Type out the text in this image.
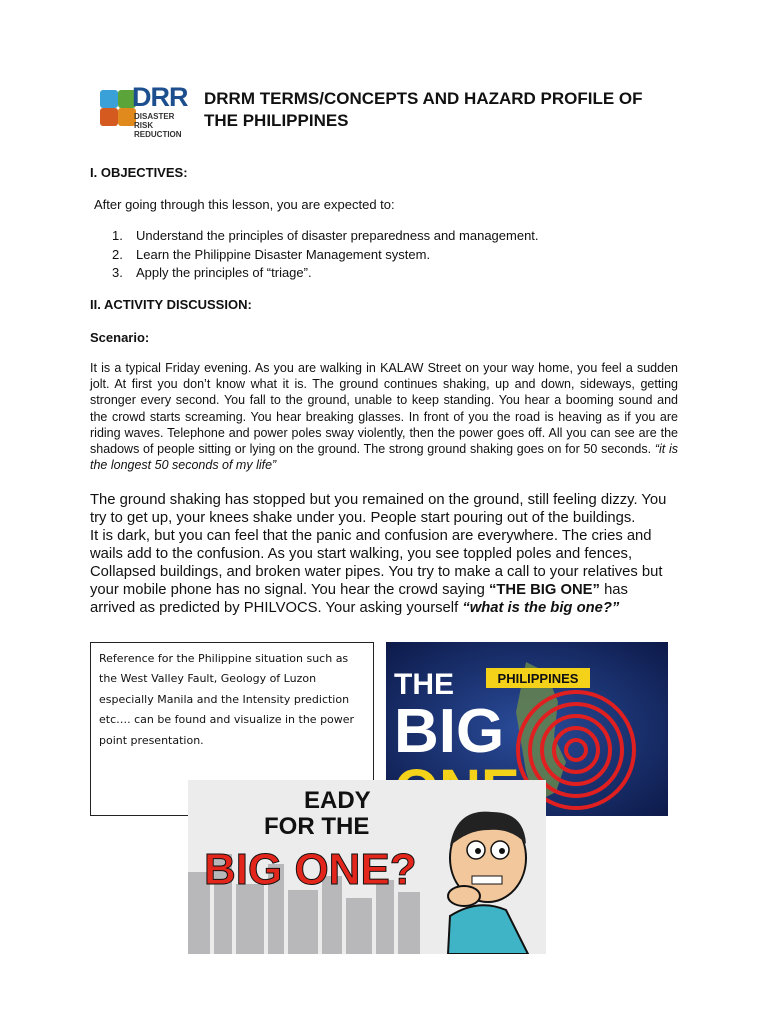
DRR
DISASTER
RISK
REDUCTION
DRRM TERMS/CONCEPTS AND HAZARD PROFILE OF
THE PHILIPPINES
I. OBJECTIVES:
After going through this lesson, you are expected to:
1. Understand the principles of disaster preparedness and management.
2. Learn the Philippine Disaster Management system.
3. Apply the principles of “triage”.
II. ACTIVITY DISCUSSION:
Scenario:
It is a typical Friday evening. As you are walking in KALAW Street on your way home, you feel a sudden jolt. At first you don’t know what it is. The ground continues shaking, up and down, sideways, getting stronger every second. You fall to the ground, unable to keep standing. You hear a booming sound and the crowd starts screaming. You hear breaking glasses. In front of you the road is heaving as if you are riding waves. Telephone and power poles sway violently, then the power goes off. All you can see are the shadows of people sitting or lying on the ground. The strong ground shaking goes on for 50 seconds. “it is the longest 50 seconds of my life”
The ground shaking has stopped but you remained on the ground, still feeling dizzy. You
try to get up, your knees shake under you. People start pouring out of the buildings.
It is dark, but you can feel that the panic and confusion are everywhere. The cries and
wails add to the confusion. As you start walking, you see toppled poles and fences,
Collapsed buildings, and broken water pipes. You try to make a call to your relatives but
your mobile phone has no signal. You hear the crowd saying “THE BIG ONE” has
arrived as predicted by PHILVOCS. Your asking yourself “what is the big one?”
PHILIPPINES
THE
BIG
Reference for the Philippine situation such as the West Valley Fault, Geology of Luzon especially Manila and the Intensity prediction etc…. can be found and visualize in the power point presentation.
EADY
FOR THE
BIG ONE?
